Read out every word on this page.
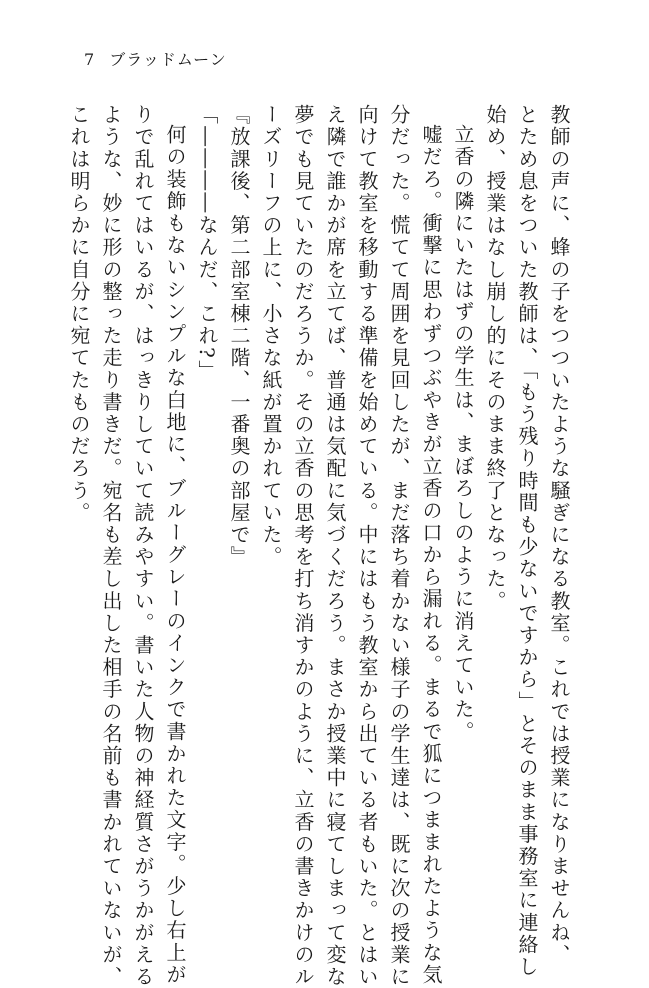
7 ブラッドムーン

教師の声に、蜂の子をつついたような騒ぎになる教室。これでは授業になりませんね、

とため息をついた教師は、「もう残り時間も少ないですから」とそのまま事務室に連絡し

始め、授業はなし崩し的にそのまま終了となった。

立香の隣にいたはずの学生は、まぼろしのように消えていた。

嘘だろ。衝撃に思わずつぶやきが立香の口から漏れる。まるで狐につままれたような気

分だった。慌てて周囲を見回したが、まだ落ち着かない様子の学生達は、既に次の授業に

向けて教室を移動する準備を始めている。中にはもう教室から出ている者もいた。とはい

え隣で誰かが席を立てば、普通は気配に気づくだろう。まさか授業中に寝てしまって変な

夢でも見ていたのだろうか。その立香の思考を打ち消すかのように、立香の書きかけのル

ーズリーフの上に、小さな紙が置かれていた。

『放課後、第二部室棟二階、一番奥の部屋で』

「――――なんだ、これ?」

何の装飾もないシンプルな白地に、ブルーグレーのインクで書かれた文字。少し右上が

りで乱れてはいるが、はっきりしていて読みやすい。書いた人物の神経質さがうかがえる

ような、妙に形の整った走り書きだ。宛名も差し出した相手の名前も書かれていないが、

これは明らかに自分に宛てたものだろう。
